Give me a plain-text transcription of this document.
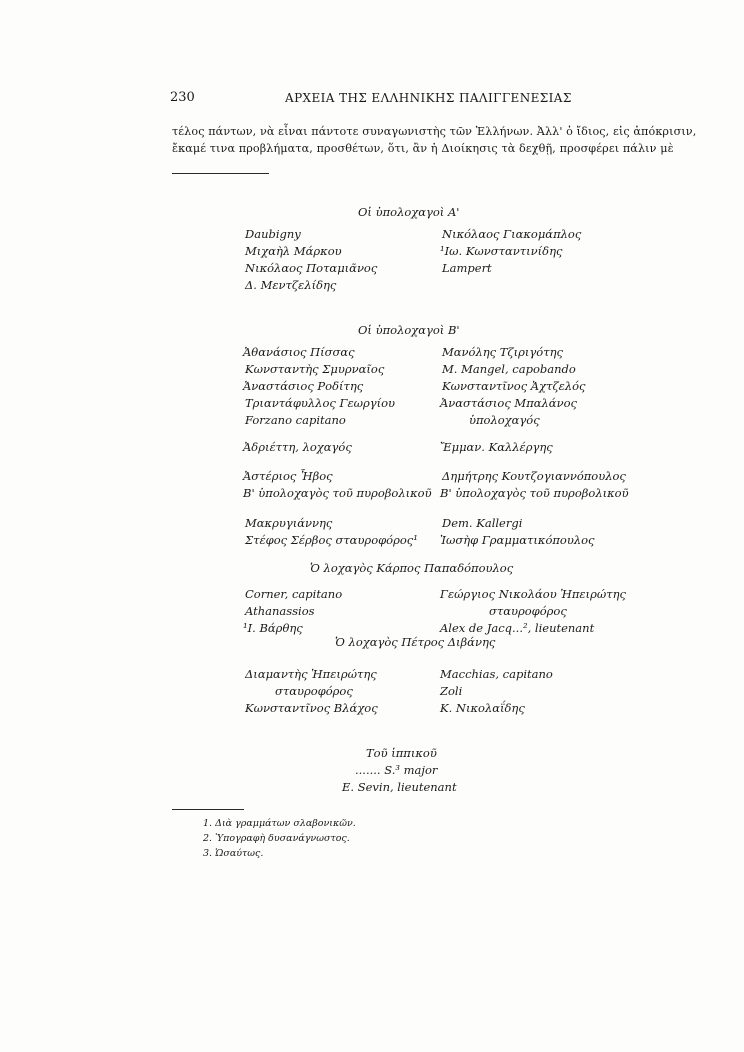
230	ΑΡΧΕΙΑ ΤΗΣ ΕΛΛΗΝΙΚΗΣ ΠΑΛΙΓΓΕΝΕΣΙΑΣ
τέλος πάντων, νὰ εἶναι πάντοτε συναγωνιστὴς τῶν Ἑλλήνων. Ἀλλ' ὁ ἴδιος, εἰς ἀπόκρισιν,
ἔκαμέ τινα προβλήματα, προσθέτων, ὅτι, ἂν ἡ Διοίκησις τὰ δεχθῇ, προσφέρει πάλιν μὲ
Οἱ ὑπολοχαγοὶ Α'
Daubigny
Μιχαὴλ Μάρκου
Νικόλαος Ποταμιᾶνος
Δ. Μεντζελίδης
Νικόλαος Γιακομάπλος
¹Ιω. Κωνσταντινίδης
Lampert
Οἱ ὑπολοχαγοὶ Β'
Ἀθανάσιος Πίσσας
Κωνσταντὴς Σμυρναῖος
Ἀναστάσιος Ροδίτης
Τριαντάφυλλος Γεωργίου
Forzano capitano
Μανόλης Τζιριγότης
M. Mangel, capobando
Κωνσταντῖνος Ἀχτζελός
Ἀναστάσιος Μπαλάνος
ὑπολοχαγός
Ἀδριέττη, λοχαγός	Ἔμμαν. Καλλέργης
Ἀστέριος Ἦβος
Β' ὑπολοχαγὸς τοῦ πυροβολικοῦ
Δημήτρης Κουτζογιαννόπουλος
Β' ὑπολοχαγὸς τοῦ πυροβολικοῦ
Μακρυγιάννης
Στέφος Σέρβος σταυροφόρος¹
Dem. Kallergi
Ἰωσὴφ Γραμματικόπουλος
Ὁ λοχαγὸς Κάρπος Παπαδόπουλος
Corner, capitano
Athanassios
¹Ι. Βάρθης
Γεώργιος Νικολάου Ἠπειρώτης
σταυροφόρος
Alex de Jacq...², lieutenant
Ὁ λοχαγὸς Πέτρος Διβάνης
Διαμαντὴς Ἠπειρώτης
σταυροφόρος
Κωνσταντῖνος Βλάχος
Macchias, capitano
Zoli
Κ. Νικολαΐδης
Τοῦ ἱππικοῦ
....... S.³ major
E. Sevin, lieutenant
1. Διὰ γραμμάτων σλαβονικῶν.
2. Ὑπογραφὴ δυσανάγνωστος.
3. Ὡσαύτως.
